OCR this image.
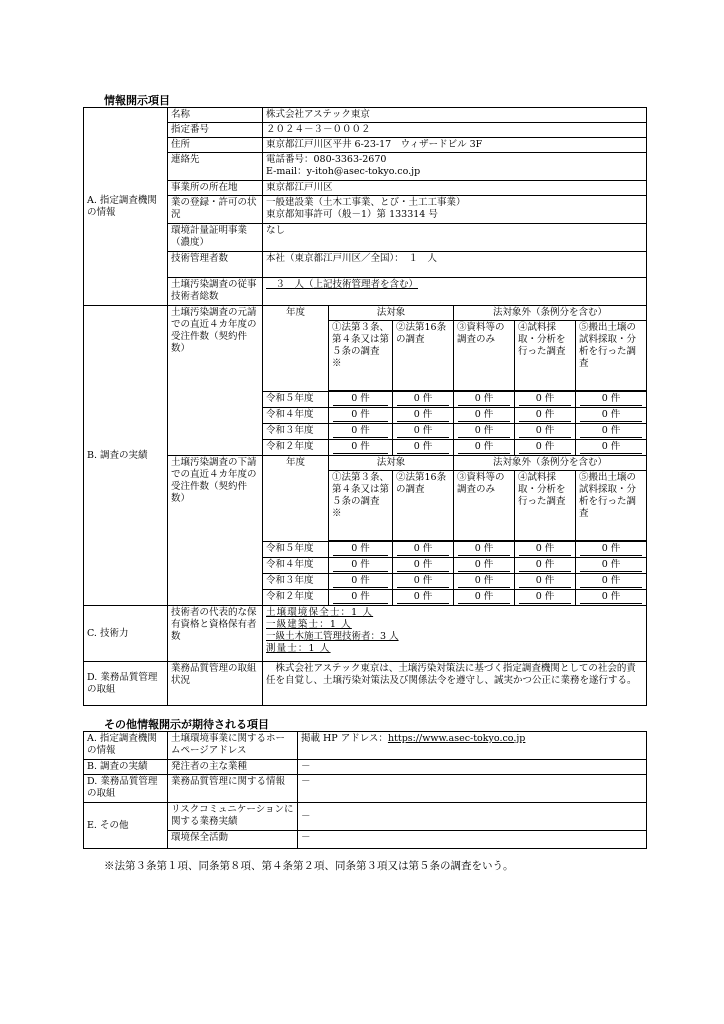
情報開示項目
A. 指定調査機関の情報	名称	株式会社アステック東京					
	指定番号	２０２４－３－０００２					
	住所	東京都江戸川区平井 6-23-17　ウィザードビル 3F					
	連絡先	電話番号：080-3363-2670
E-mail：y-itoh@asec-tokyo.co.jp					
	事業所の所在地	東京都江戸川区					
	業の登録・許可の状況	一般建設業（土木工事業、とび・土工工事業）
東京都知事許可（般－1）第 133314 号					
	環境計量証明事業（濃度）	なし					
	技術管理者数	本社（東京都江戸川区／全国）：　１　人					
	土壌汚染調査の従事技術者総数	　３　人（上記技術管理者を含む）					
B. 調査の実績	土壌汚染調査の元請での直近４カ年度の受注件数（契約件数）	年度	法対象		法対象外（条例分を含む）		
			①法第３条、第４条又は第５条の調査 ※	②法第16条の調査	③資料等の調査のみ	④試料採取・分析を行った調査	⑤搬出土壌の試料採取・分析を行った調査

		令和５年度	0 件	0 件	0 件	0 件	0 件
		令和４年度	0 件	0 件	0 件	0 件	0 件
		令和３年度	0 件	0 件	0 件	0 件	0 件
		令和２年度	0 件	0 件	0 件	0 件	0 件
	土壌汚染調査の下請での直近４カ年度の受注件数（契約件数）	年度	法対象		法対象外（条例分を含む）		
			①法第３条、第４条又は第５条の調査 ※	②法第16条の調査	③資料等の調査のみ	④試料採取・分析を行った調査	⑤搬出土壌の試料採取・分析を行った調査

		令和５年度	0 件	0 件	0 件	0 件	0 件
		令和４年度	0 件	0 件	0 件	0 件	0 件
		令和３年度	0 件	0 件	0 件	0 件	0 件
		令和２年度	0 件	0 件	0 件	0 件	0 件
C. 技術力	技術者の代表的な保有資格と資格保有者数	土壌環境保全士：1 人
一級建築士：1 人
一級土木施工管理技術者：3 人
測量士：1 人					

D. 業務品質管理の取組	業務品質管理の取組状況	株式会社アステック東京は、土壌汚染対策法に基づく指定調査機関としての社会的責任を自覚し、土壌汚染対策法及び関係法令を遵守し、誠実かつ公正に業務を遂行する。					
その他情報開示が期待される項目
A. 指定調査機関の情報	土壌環境事業に関するホームページアドレス	掲載 HP アドレス：https://www.asec-tokyo.co.jp
B. 調査の実績	発注者の主な業種	－
D. 業務品質管理の取組	業務品質管理に関する情報	－
E. その他	リスクコミュニケーションに関する業務実績	－
	環境保全活動	－
※法第３条第１項、同条第８項、第４条第２項、同条第３項又は第５条の調査をいう。
